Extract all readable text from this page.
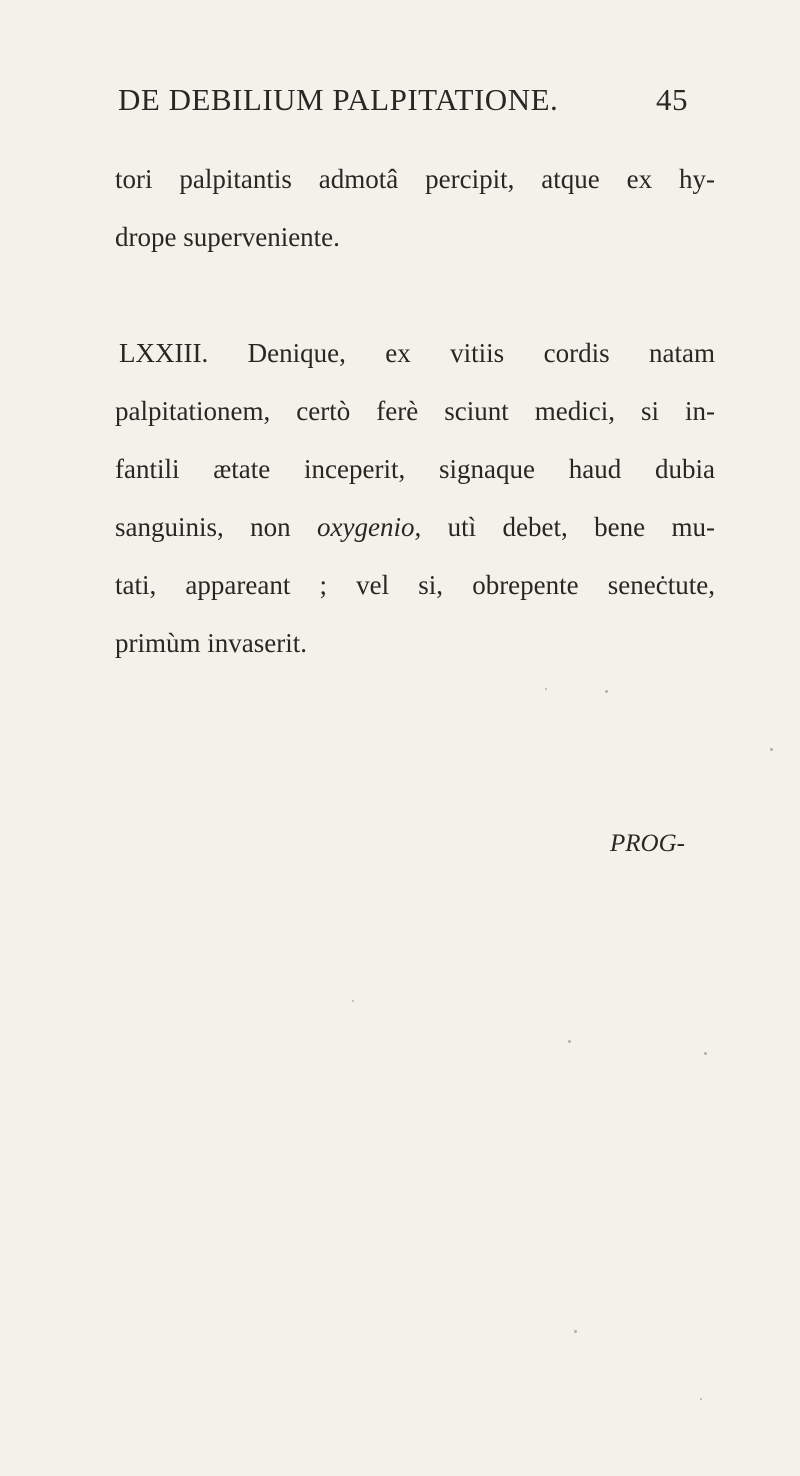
DE DEBILIUM PALPITATIONE.	45
tori palpitantis admotâ percipit, atque ex hy-
drope superveniente.
LXXIII. Denique, ex vitiis cordis natam
palpitationem, certò ferè sciunt medici, si in-
fantili ætate inceperit, signaque haud dubia
sanguinis, non oxygenio, utì debet, bene mu-
tati, appareant ; vel si, obrepente seneċtute,
primùm invaserit.
PROG-
